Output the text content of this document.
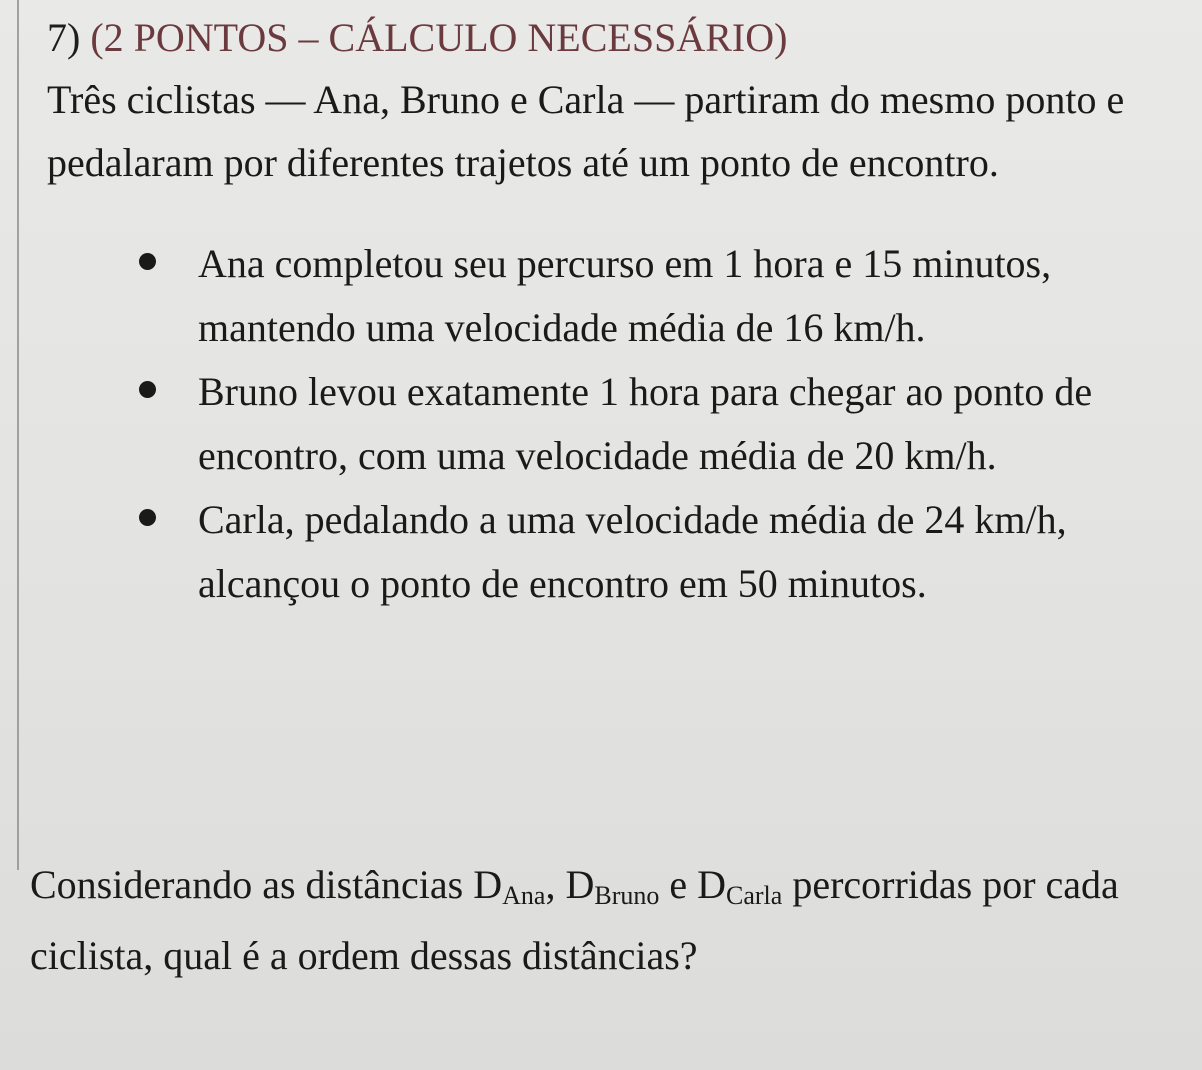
7) (2 PONTOS – CÁLCULO NECESSÁRIO)

Três ciclistas — Ana, Bruno e Carla — partiram do mesmo ponto e pedalaram por diferentes trajetos até um ponto de encontro.

Ana completou seu percurso em 1 hora e 15 minutos, mantendo uma velocidade média de 16 km/h.
Bruno levou exatamente 1 hora para chegar ao ponto de encontro, com uma velocidade média de 20 km/h.
Carla, pedalando a uma velocidade média de 24 km/h, alcançou o ponto de encontro em 50 minutos.

Considerando as distâncias DAna, DBruno e DCarla percorridas por cada ciclista, qual é a ordem dessas distâncias?
